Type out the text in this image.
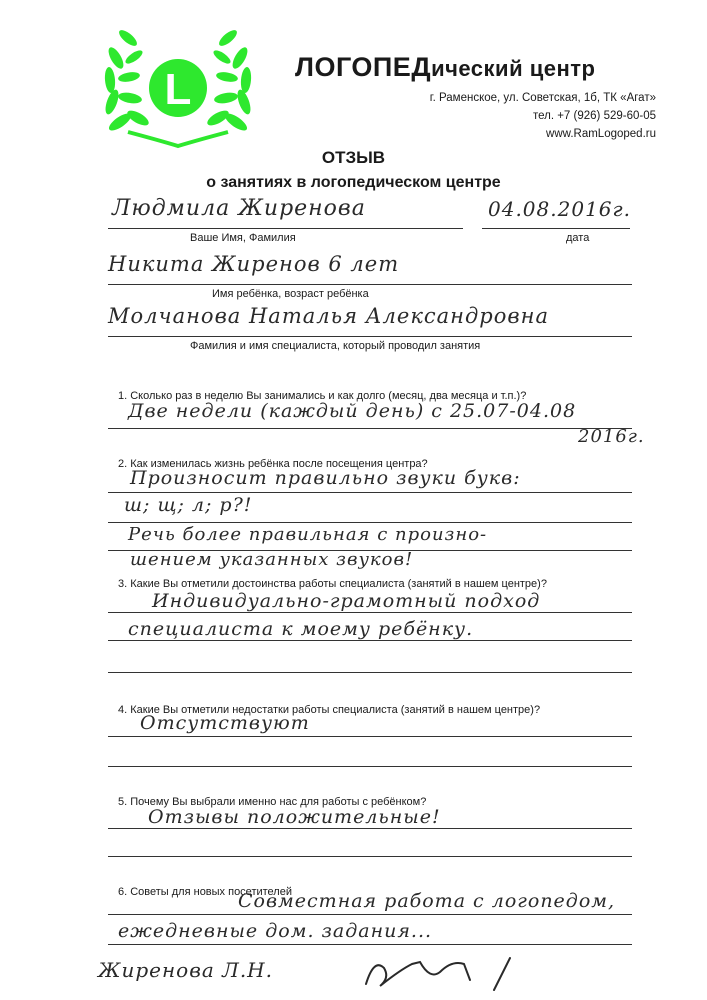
L	ЛОГОПЕДический центр
г. Раменское, ул. Советская, 1б, ТК «Агат»
тел. +7 (926) 529-60-05
www.RamLogoped.ru
ОТЗЫВ
о занятиях в логопедическом центре
Людмила Жиренова
Ваше Имя, Фамилия
04.08.2016г.
дата
Никита Жиренов 6 лет
Имя ребёнка, возраст ребёнка
Молчанова Наталья Александровна
Фамилия и имя специалиста, который проводил занятия
1. Сколько раз в неделю Вы занимались и как долго (месяц, два месяца и т.п.)?
Две недели (каждый день) с 25.07-04.08
2016г.
2. Как изменилась жизнь ребёнка после посещения центра?
Произносит правильно звуки букв:
ш; щ; л; р?!
Речь более правильная с произно-
шением указанных звуков!
3. Какие Вы отметили достоинства работы специалиста (занятий в нашем центре)?
Индивидуально-грамотный подход
специалиста к моему ребёнку.
4. Какие Вы отметили недостатки работы специалиста (занятий в нашем центре)?
Отсутствуют
5. Почему Вы выбрали именно нас для работы с ребёнком?
Отзывы положительные!
6. Советы для новых посетителей
Совместная работа с логопедом,
ежедневные дом. задания...
Жиренова Л.Н.
